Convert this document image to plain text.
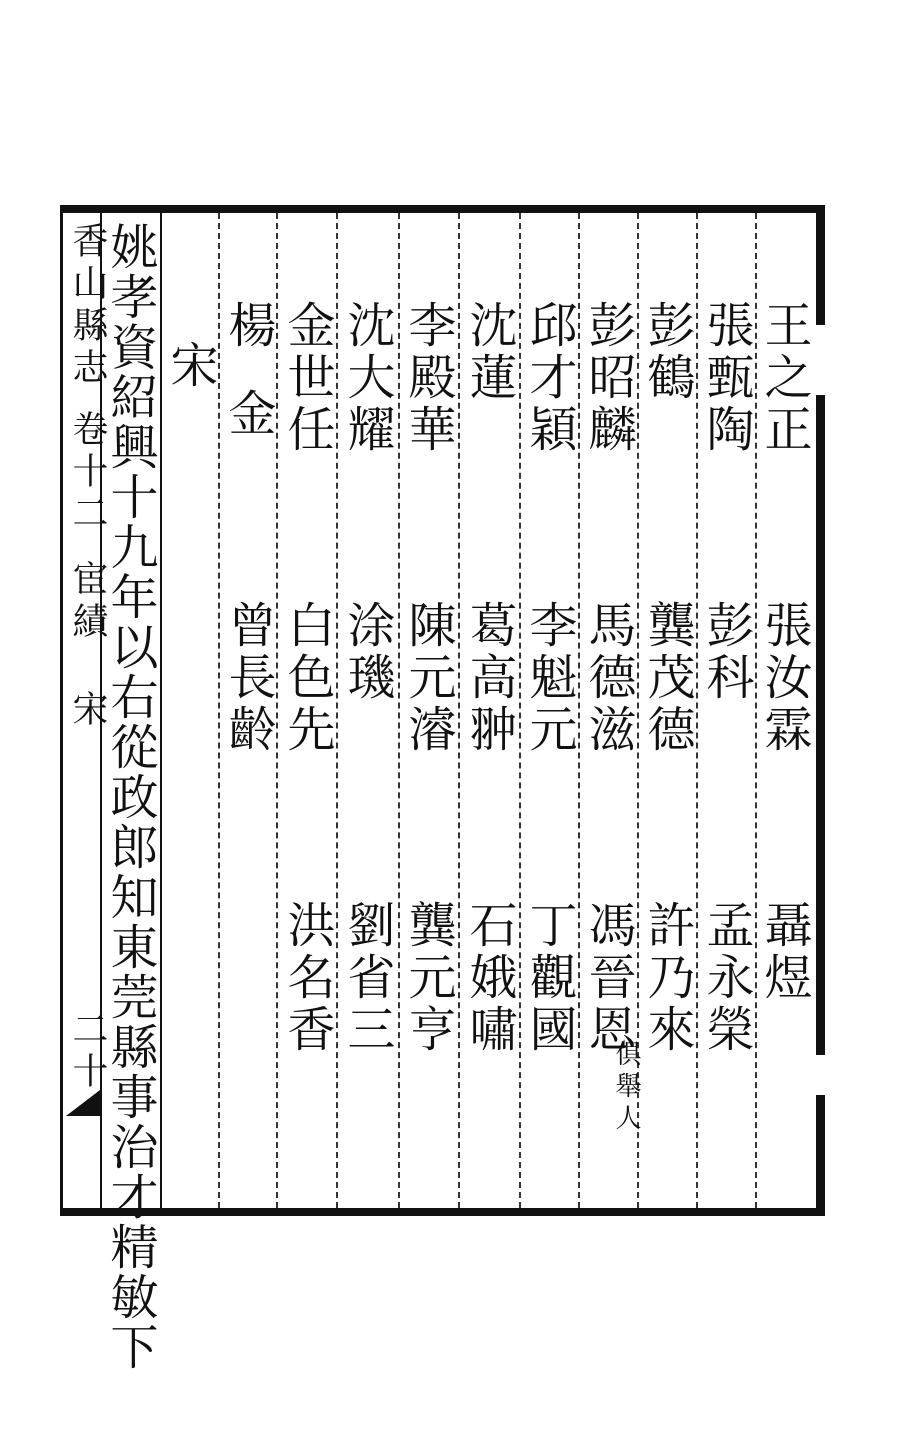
香山縣志
卷十二
宦績
宋
二十
王之正
張汝霖
聶煜
張甄陶
彭科
孟永榮
彭鶴
龔茂德
許乃來
彭昭麟
馬德滋
馮晉恩
俱舉人
邱才穎
李魁元
丁觀國
沈蓮
葛高翀
石娥嘯
李殿華
陳元濬
龔元亨
沈大耀
涂璣
劉省三
金世任
白色先
洪名香
楊金
曾長齡
宋
姚孝資紹興十九年以右從政郎知東莞縣事治才精敏下
